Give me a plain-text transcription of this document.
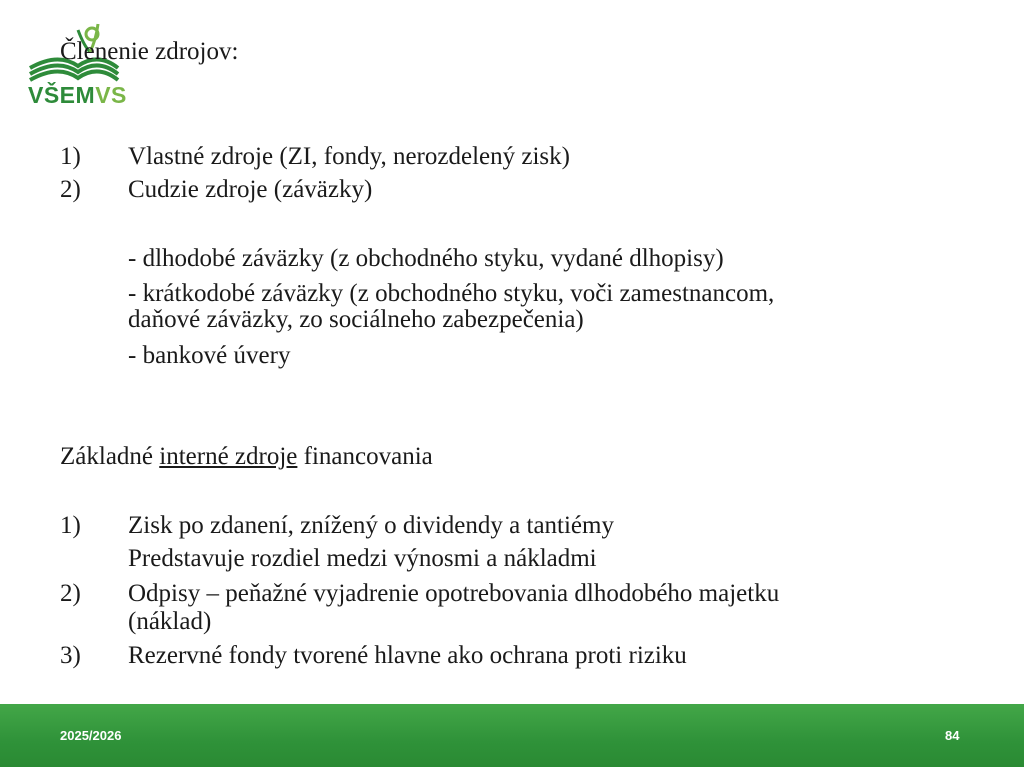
VŠEMVS
Členenie zdrojov:
1) Vlastné zdroje (ZI, fondy, nerozdelený zisk)
2) Cudzie zdroje (záväzky)
- dlhodobé záväzky (z obchodného styku, vydané dlhopisy)
- krátkodobé záväzky (z obchodného styku, voči zamestnancom,
daňové záväzky, zo sociálneho zabezpečenia)
- bankové úvery
Základné interné zdroje financovania
1) Zisk po zdanení, znížený o dividendy a tantiémy
Predstavuje rozdiel medzi výnosmi a nákladmi
2) Odpisy – peňažné vyjadrenie opotrebovania dlhodobého majetku
(náklad)
3) Rezervné fondy tvorené hlavne ako ochrana proti riziku
2025/2026	84
